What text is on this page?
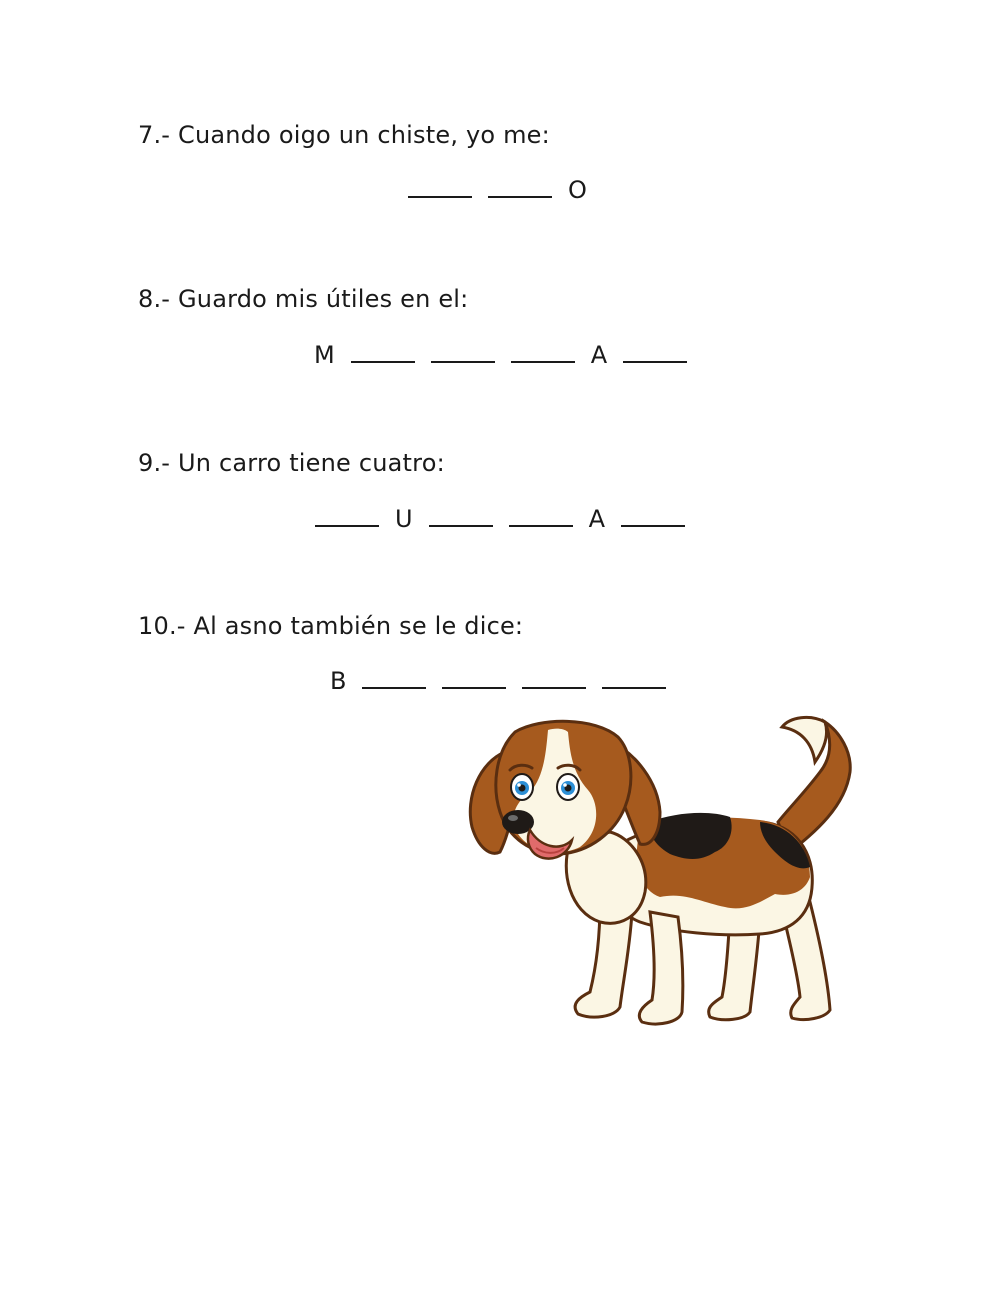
7.- Cuando oigo un chiste, yo me:
O
8.- Guardo mis útiles en el:
M	A
9.- Un carro tiene cuatro:
U	A
10.- Al asno también se le dice:
B
